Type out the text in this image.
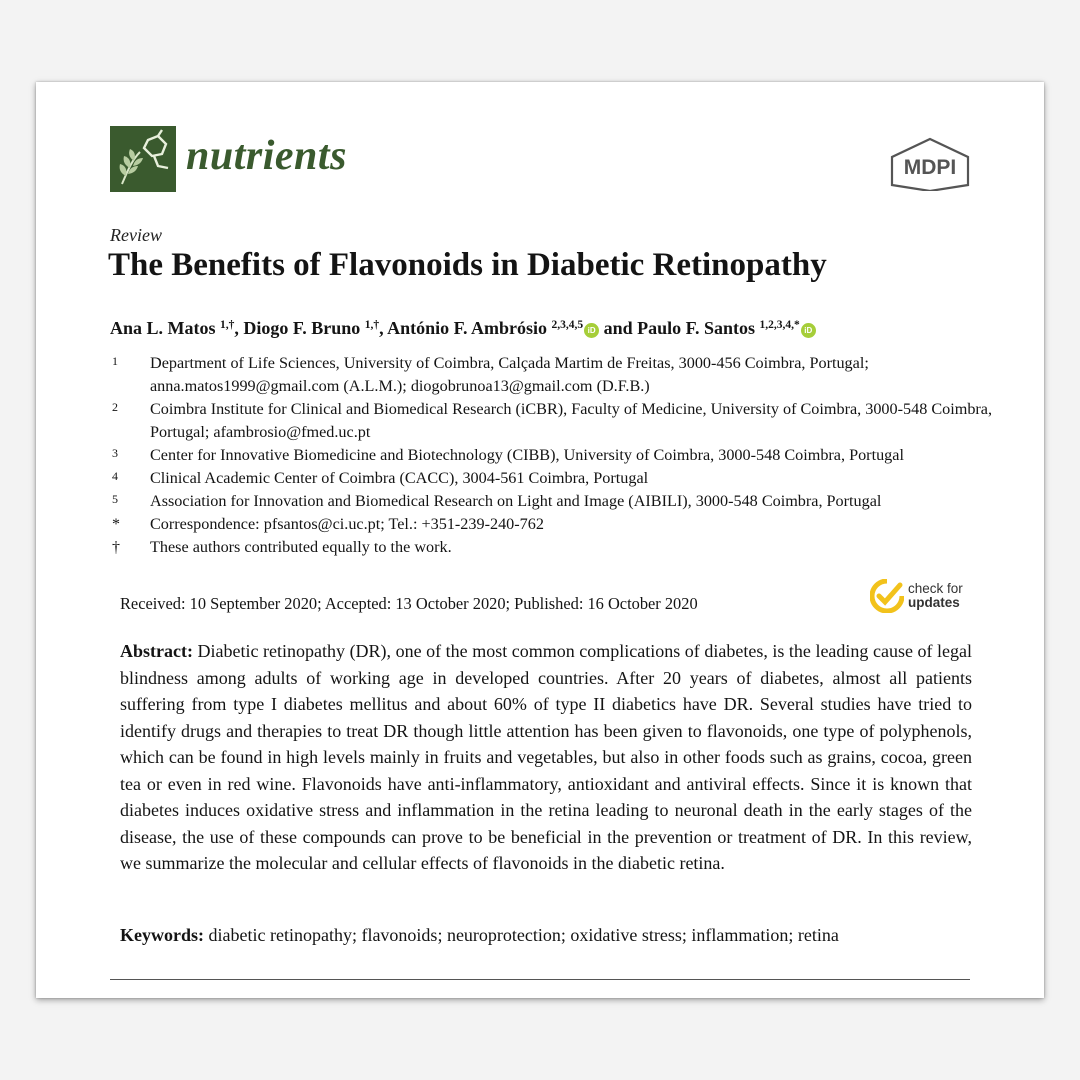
nutrients	MDPI
Review
The Benefits of Flavonoids in Diabetic Retinopathy
Ana L. Matos $^{1,\dagger}$, Diogo F. Bruno $^{1,\dagger}$, António F. Ambrósio $^{2,3,4,5}$ iD and Paulo F. Santos $^{1,2,3,4,*}$ iD
1	Department of Life Sciences, University of Coimbra, Calçada Martim de Freitas, 3000-456 Coimbra, Portugal; anna.matos1999@gmail.com (A.L.M.); diogobrunoa13@gmail.com (D.F.B.)
2	Coimbra Institute for Clinical and Biomedical Research (iCBR), Faculty of Medicine, University of Coimbra, 3000-548 Coimbra, Portugal; afambrosio@fmed.uc.pt
3	Center for Innovative Biomedicine and Biotechnology (CIBB), University of Coimbra, 3000-548 Coimbra, Portugal
4	Clinical Academic Center of Coimbra (CACC), 3004-561 Coimbra, Portugal
5	Association for Innovation and Biomedical Research on Light and Image (AIBILI), 3000-548 Coimbra, Portugal
*	Correspondence: pfsantos@ci.uc.pt; Tel.: +351-239-240-762
†	These authors contributed equally to the work.
Received: 10 September 2020; Accepted: 13 October 2020; Published: 16 October 2020
check for
updates
Abstract: Diabetic retinopathy (DR), one of the most common complications of diabetes, is the leading cause of legal blindness among adults of working age in developed countries. After 20 years of diabetes, almost all patients suffering from type I diabetes mellitus and about 60% of type II diabetics have DR. Several studies have tried to identify drugs and therapies to treat DR though little attention has been given to flavonoids, one type of polyphenols, which can be found in high levels mainly in fruits and vegetables, but also in other foods such as grains, cocoa, green tea or even in red wine. Flavonoids have anti-inflammatory, antioxidant and antiviral effects. Since it is known that diabetes induces oxidative stress and inflammation in the retina leading to neuronal death in the early stages of the disease, the use of these compounds can prove to be beneficial in the prevention or treatment of DR. In this review, we summarize the molecular and cellular effects of flavonoids in the diabetic retina.
Keywords: diabetic retinopathy; flavonoids; neuroprotection; oxidative stress; inflammation; retina
